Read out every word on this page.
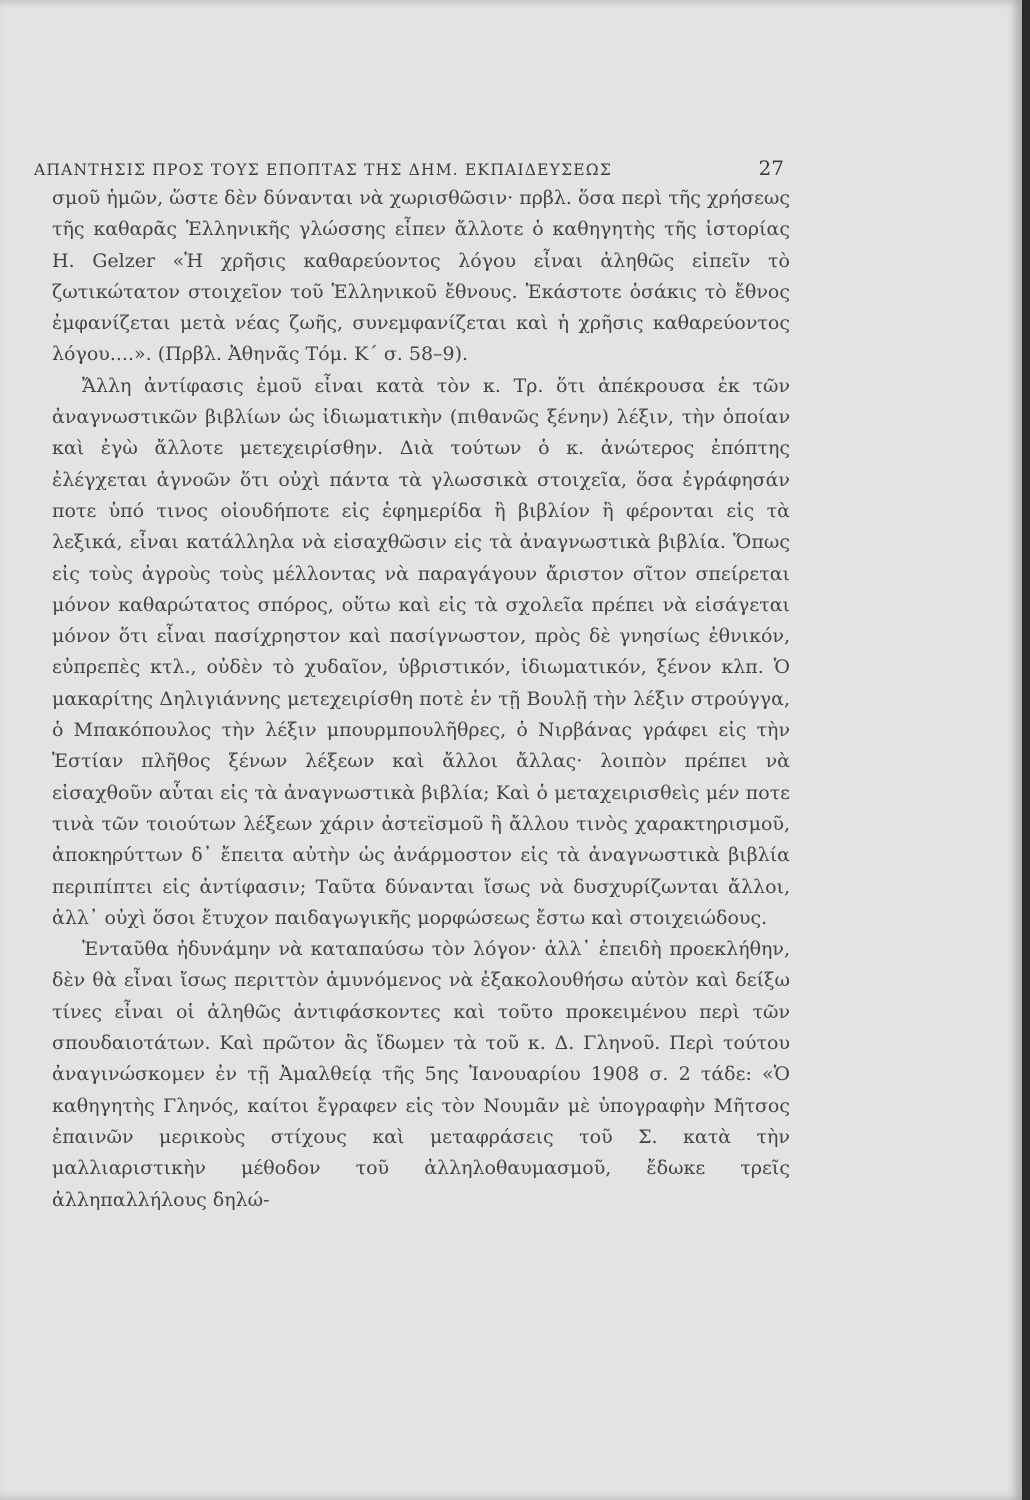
ΑΠΑΝΤΗΣΙΣ ΠΡΟΣ ΤΟΥΣ ΕΠΟΠΤΑΣ ΤΗΣ ΔΗΜ. ΕΚΠΑΙΔΕΥΣΕΩΣ	27

σμοῦ ἡμῶν, ὥστε δὲν δύνανται νὰ χωρισθῶσιν· πρβλ. ὅσα περὶ τῆς χρήσεως τῆς καθαρᾶς Ἑλληνικῆς γλώσσης εἶπεν ἄλλοτε ὁ καθηγητὴς τῆς ἱστορίας Η. Gelzer «Ἡ χρῆσις καθαρεύοντος λόγου εἶναι ἀληθῶς εἰπεῖν τὸ ζωτικώτατον στοιχεῖον τοῦ Ἑλληνικοῦ ἔθνους. Ἑκάστοτε ὁσάκις τὸ ἔθνος ἐμφανίζεται μετὰ νέας ζωῆς, συνεμφανίζεται καὶ ἡ χρῆσις καθαρεύοντος λόγου....». (Πρβλ. Ἀθηνᾶς Τόμ. Κ΄ σ. 58–9).

Ἄλλη ἀντίφασις ἐμοῦ εἶναι κατὰ τὸν κ. Τρ. ὅτι ἀπέκρουσα ἐκ τῶν ἀναγνωστικῶν βιβλίων ὡς ἰδιωματικὴν (πιθανῶς ξένην) λέξιν, τὴν ὁποίαν καὶ ἐγὼ ἄλλοτε μετεχειρίσθην. Διὰ τούτων ὁ κ. ἀνώτερος ἐπόπτης ἐλέγχεται ἀγνοῶν ὅτι οὐχὶ πάντα τὰ γλωσσικὰ στοιχεῖα, ὅσα ἐγράφησάν ποτε ὑπό τινος οἱουδήποτε εἰς ἐφημερίδα ἢ βιβλίον ἢ φέρονται εἰς τὰ λεξικά, εἶναι κατάλληλα νὰ εἰσαχθῶσιν εἰς τὰ ἀναγνωστικὰ βιβλία. Ὅπως εἰς τοὺς ἀγροὺς τοὺς μέλλοντας νὰ παραγάγουν ἄριστον σῖτον σπείρεται μόνον καθαρώτατος σπόρος, οὕτω καὶ εἰς τὰ σχολεῖα πρέπει νὰ εἰσάγεται μόνον ὅτι εἶναι πασίχρηστον καὶ πασίγνωστον, πρὸς δὲ γνησίως ἐθνικόν, εὐπρεπὲς κτλ., οὐδὲν τὸ χυδαῖον, ὑβριστικόν, ἰδιωματικόν, ξένον κλπ. Ὁ μακαρίτης Δηλιγιάννης μετεχειρίσθη ποτὲ ἐν τῇ Βουλῇ τὴν λέξιν στρούγγα, ὁ Μπακόπουλος τὴν λέξιν μπουρμπουλῆθρες, ὁ Νιρβάνας γράφει εἰς τὴν Ἑστίαν πλῆθος ξένων λέξεων καὶ ἄλλοι ἄλλας· λοιπὸν πρέπει νὰ εἰσαχθοῦν αὗται εἰς τὰ ἀναγνωστικὰ βιβλία; Καὶ ὁ μεταχειρισθεὶς μέν ποτε τινὰ τῶν τοιούτων λέξεων χάριν ἀστεϊσμοῦ ἢ ἄλλου τινὸς χαρακτηρισμοῦ, ἀποκηρύττων δ᾿ ἔπειτα αὐτὴν ὡς ἀνάρμοστον εἰς τὰ ἀναγνωστικὰ βιβλία περιπίπτει εἰς ἀντίφασιν; Ταῦτα δύνανται ἴσως νὰ δυσχυρίζωνται ἄλλοι, ἀλλ᾿ οὐχὶ ὅσοι ἔτυχον παιδαγωγικῆς μορφώσεως ἔστω καὶ στοιχειώδους.

Ἐνταῦθα ἠδυνάμην νὰ καταπαύσω τὸν λόγον· ἀλλ᾿ ἐπειδὴ προεκλήθην, δὲν θὰ εἶναι ἴσως περιττὸν ἀμυνόμενος νὰ ἐξακολουθήσω αὐτὸν καὶ δείξω τίνες εἶναι οἱ ἀληθῶς ἀντιφάσκοντες καὶ τοῦτο προκειμένου περὶ τῶν σπουδαιοτάτων. Καὶ πρῶτον ἂς ἴδωμεν τὰ τοῦ κ. Δ. Γληνοῦ. Περὶ τούτου ἀναγινώσκομεν ἐν τῇ Ἀμαλθείᾳ τῆς 5ης Ἰανουαρίου 1908 σ. 2 τάδε: «Ὁ καθηγητὴς Γληνός, καίτοι ἔγραφεν εἰς τὸν Νουμᾶν μὲ ὑπογραφὴν Μῆτσος ἐπαινῶν μερικοὺς στίχους καὶ μεταφράσεις τοῦ Σ. κατὰ τὴν μαλλιαριστικὴν μέθοδον τοῦ ἀλληλοθαυμασμοῦ, ἔδωκε τρεῖς ἀλληπαλλήλους δηλώ-
